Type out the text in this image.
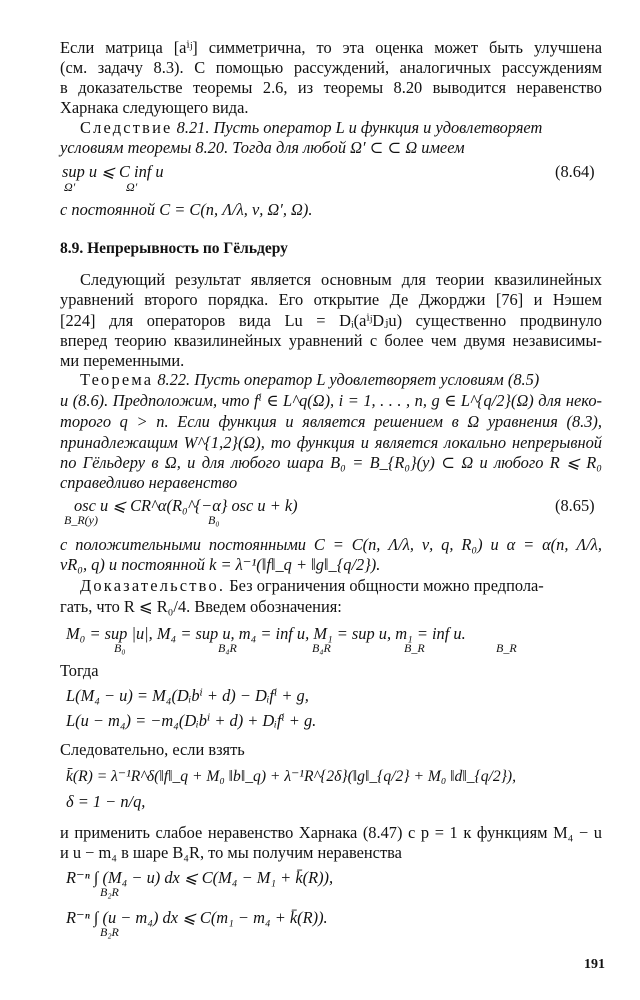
Если матрица [aⁱʲ] симметрична, то эта оценка может быть улучшена
(см. задачу 8.3). С помощью рассуждений, аналогичных рассуждениям
в доказательстве теоремы 2.6, из теоремы 8.20 выводится неравенство
Харнака следующего вида.
Следствие 8.21. Пусть оператор L и функция и удовлетворяет
условиям теоремы 8.20. Тогда для любой Ω′ ⊂ ⊂ Ω имеем
sup u ⩽ C inf u
Ω′	Ω′
(8.64)
с постоянной C = C(n, Λ/λ, ν, Ω′, Ω).
8.9. Непрерывность по Гёльдеру
Следующий результат является основным для теории квазилинейных
уравнений второго порядка. Его открытие Де Джорджи [76] и Нэшем
[224] для операторов вида Lu = Dᵢ(aⁱʲDⱼu) существенно продвинуло
вперед теорию квазилинейных уравнений с более чем двумя независимы-
ми переменными.
Теорема 8.22. Пусть оператор L удовлетворяет условиям (8.5)
и (8.6). Предположим, что fⁱ ∈ L^q(Ω), i = 1, . . . , n, g ∈ L^{q/2}(Ω) для неко-
торого q > n. Если функция и является решением в Ω уравнения (8.3),
принадлежащим W^{1,2}(Ω), то функция и является локально непрерывной
по Гёльдеру в Ω, и для любого шара B₀ = B_{R₀}(y) ⊂ Ω и любого R ⩽ R₀
справедливо неравенство
osc u ⩽ CR^α(R₀^{−α} osc u + k)
B_R(y)	B₀
(8.65)
с положительными постоянными C = C(n, Λ/λ, ν, q, R₀) и α = α(n, Λ/λ,
νR₀, q) и постоянной k = λ⁻¹(‖f‖_q + ‖g‖_{q/2}).
Доказательство. Без ограничения общности можно предпола-
гать, что R ⩽ R₀/4. Введем обозначения:
M₀ = sup |u|, M₄ = sup u, m₄ = inf u, M₁ = sup u, m₁ = inf u.
B₀	B₄R	B₄R	B_R	B_R
Тогда
L(M₄ − u) = M₄(Dᵢbⁱ + d) − Dᵢfⁱ + g,
L(u − m₄) = −m₄(Dᵢbⁱ + d) + Dᵢfⁱ + g.
Следовательно, если взять
k̄(R) = λ⁻¹R^δ(‖f‖_q + M₀ ‖b‖_q) + λ⁻¹R^{2δ}(‖g‖_{q/2} + M₀ ‖d‖_{q/2}),
δ = 1 − n/q,
и применить слабое неравенство Харнака (8.47) с p = 1 к функциям M₄ − u
и u − m₄ в шаре B₄R, то мы получим неравенства
R⁻ⁿ ∫ (M₄ − u) dx ⩽ C(M₄ − M₁ + k̄(R)),
B₂R
R⁻ⁿ ∫ (u − m₄) dx ⩽ C(m₁ − m₄ + k̄(R)).
B₂R
191
